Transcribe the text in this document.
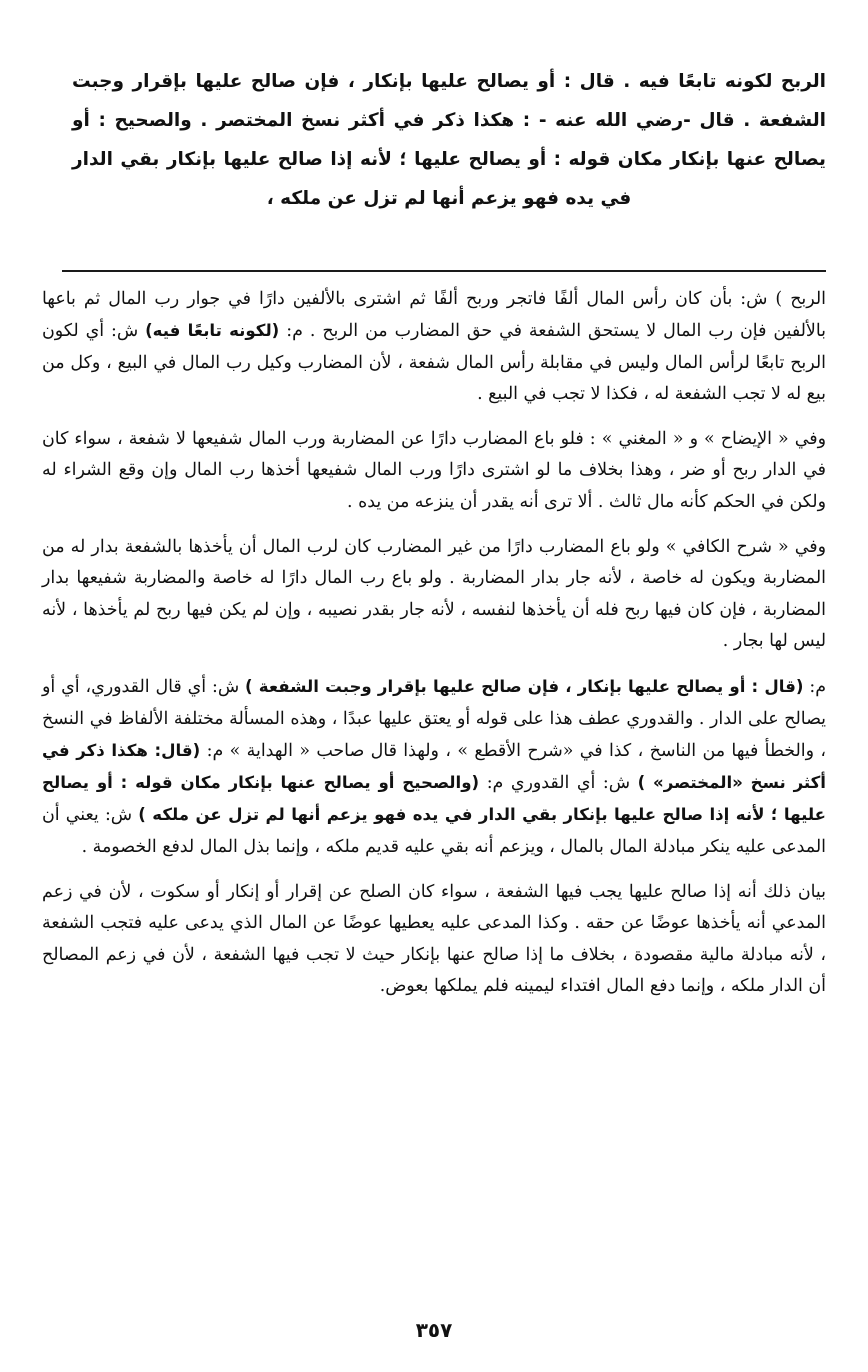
الربح لكونه تابعًا فيه . قال : أو يصالح عليها بإنكار ، فإن صالح عليها بإقرار وجبت الشفعة . قال -رضي الله عنه - : هكذا ذكر في أكثر نسخ المختصر . والصحيح : أو يصالح عنها بإنكار مكان قوله : أو يصالح عليها ؛ لأنه إذا صالح عليها بإنكار بقي الدار في يده فهو يزعم أنها لم تزل عن ملكه ،

الربح ) ش: بأن كان رأس المال ألفًا فاتجر وربح ألفًا ثم اشترى بالألفين دارًا في جوار رب المال ثم باعها بالألفين فإن رب المال لا يستحق الشفعة في حق المضارب من الربح . م: (لكونه تابعًا فيه) ش: أي لكون الربح تابعًا لرأس المال وليس في مقابلة رأس المال شفعة ، لأن المضارب وكيل رب المال في البيع ، وكل من بيع له لا تجب الشفعة له ، فكذا لا تجب في البيع .

وفي « الإيضاح » و « المغني » : فلو باع المضارب دارًا عن المضاربة ورب المال شفيعها لا شفعة ، سواء كان في الدار ربح أو ضر ، وهذا بخلاف ما لو اشترى دارًا ورب المال شفيعها أخذها رب المال وإن وقع الشراء له ولكن في الحكم كأنه مال ثالث . ألا ترى أنه يقدر أن ينزعه من يده .

وفي « شرح الكافي » ولو باع المضارب دارًا من غير المضارب كان لرب المال أن يأخذها بالشفعة بدار له من المضاربة ويكون له خاصة ، لأنه جار بدار المضاربة . ولو باع رب المال دارًا له خاصة والمضاربة شفيعها بدار المضاربة ، فإن كان فيها ربح فله أن يأخذها لنفسه ، لأنه جار بقدر نصيبه ، وإن لم يكن فيها ربح لم يأخذها ، لأنه ليس لها بجار .

م: (قال : أو يصالح عليها بإنكار ، فإن صالح عليها بإقرار وجبت الشفعة ) ش: أي قال القدوري، أي أو يصالح على الدار . والقدوري عطف هذا على قوله أو يعتق عليها عبدًا ، وهذه المسألة مختلفة الألفاظ في النسخ ، والخطأ فيها من الناسخ ، كذا في «شرح الأقطع » ، ولهذا قال صاحب « الهداية » م: (قال: هكذا ذكر في أكثر نسخ «المختصر» ) ش: أي القدوري م: (والصحيح أو يصالح عنها بإنكار مكان قوله : أو يصالح عليها ؛ لأنه إذا صالح عليها بإنكار بقي الدار في يده فهو يزعم أنها لم تزل عن ملكه ) ش: يعني أن المدعى عليه ينكر مبادلة المال بالمال ، ويزعم أنه بقي عليه قديم ملكه ، وإنما بذل المال لدفع الخصومة .

بيان ذلك أنه إذا صالح عليها يجب فيها الشفعة ، سواء كان الصلح عن إقرار أو إنكار أو سكوت ، لأن في زعم المدعي أنه يأخذها عوضًا عن حقه . وكذا المدعى عليه يعطيها عوضًا عن المال الذي يدعى عليه فتجب الشفعة ، لأنه مبادلة مالية مقصودة ، بخلاف ما إذا صالح عنها بإنكار حيث لا تجب فيها الشفعة ، لأن في زعم المصالح أن الدار ملكه ، وإنما دفع المال افتداء ليمينه فلم يملكها بعوض.

٣٥٧
